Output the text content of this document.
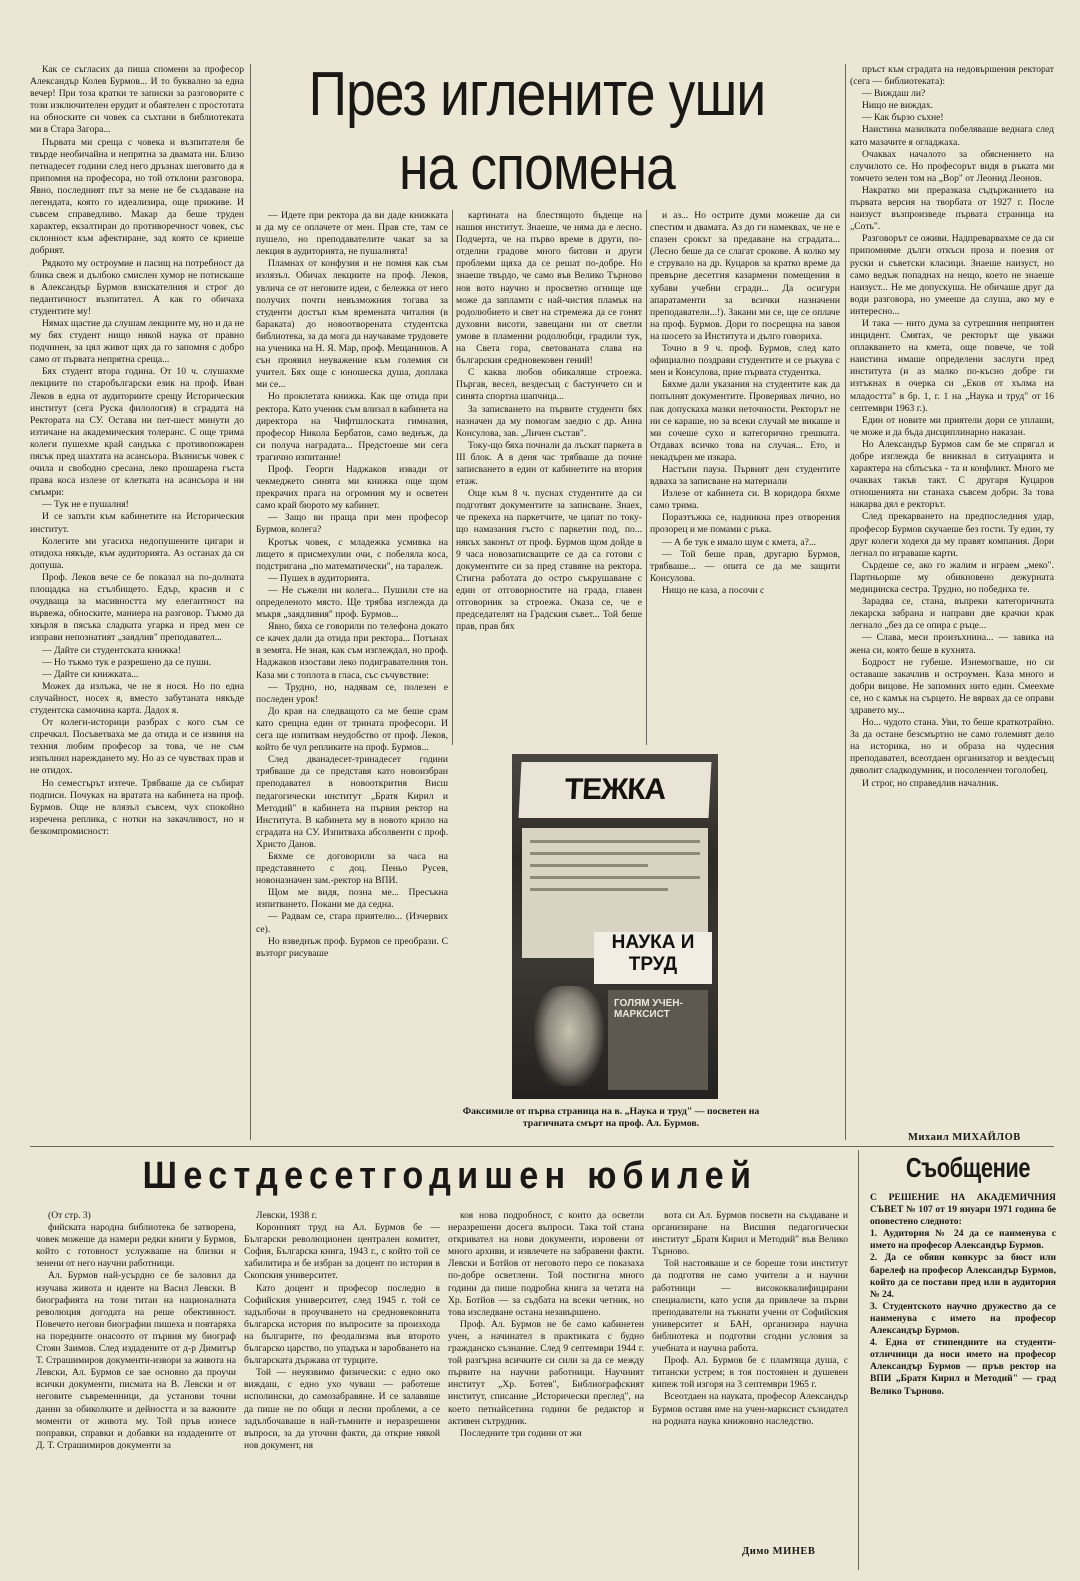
Как се съгласих да пиша спомени за професор Александър Колев Бурмов... И то буквално за една вечер! При тоза кратки те записки за разговорите с този изключителен ерудит и обаятелен с простотата на обноските си човек са съхтани в библиотеката ми в Стара Загора...

Първата ми среща с човека и възпитателя бе твърде необичайна и непрятна за двамата ни. Близо петнадесет години след него дръзнах шеговито да я припомня на професора, но той отклони разговора. Явно, последният път за мене не бе създаване на легендата, която го идеализира, още приживе. И съвсем справедливо. Макар да беше труден характер, екзалтиран до противоречност човек, със склонност към афектиране, зад която се криеше добрият.

Рядкото му остроумие и пасищ на потребност да блика свеж и дълбоко смислен хумор не потискаше в Александър Бурмов взискателния и строг до педантичност възпитател. А как го обичаха студентите му!

Нямах щастие да слушам лекциите му, но и да не му бях студент нищо някой наука от правно подчинен, за цял живот щях да го запомня с добро само от първата непрятна среща...

Бях студент втора година. От 10 ч. слушахме лекциите по старобългарски език на проф. Иван Леков в една от аудиториите срещу Историческия институт (сега Руска филология) в сградата на Ректората на СУ. Остава ни пет-шест минути до изтичане на академическия толеранс. С още трима колеги пушехме край сандъка с противопожарен пясък пред шахтата на асансьора. Възнисък човек с очила и свободно сресана, леко прошарена гъста права коса излезе от клетката на асансьора и ни смъмри:

— Тук не е пушалня!

И се запъти към кабинетите на Историческия институт.

Колегите ми угасиха недопушените цигари и отидоха някъде, към аудиторията. Аз останах да си допуша.

Проф. Леков вече се бе показал на по-долната площадка на стълбището. Едър, красив и с очудваща за масивността му елегантност на вървежа, обноските, маниера на разговор. Тъкмо да хвърля в пясъка сладката угарка и пред мен се изправи непознатият „заядлив" преподавател...

— Дайте си студентската книжка!

— Но тъкмо тук е разрешено да се пуши.

— Дайте си книжката...

Можех да излъжа, че не я нося. Но по една случайност, носех я, вместо забутаната някъде студентска самочина карта. Дадох я.

От колеги-историци разбрах с кого съм се спречкал. Посъветваха ме да отида и се извиня на техния любим професор за това, че не съм изпълнил нареждането му. Но аз се чувствах прав и не отидох.

Но семестърът изтече. Трябваше да се събират подписи. Почуках на вратата на кабинета на проф. Бурмов. Още не влязъл съвсем, чух спокойно изречена реплика, с нотки на закачливост, но и безкомпромисност:

През иглените уши
на спомена

— Идете при ректора да ви даде книжката и да му се оплачете от мен. Прав сте, там се пушело, но преподавателите чакат за за лекция в аудиторията, не пушалнята!

Пламнах от конфузия и не помня как съм излязъл. Обичах лекциите на проф. Леков, увлича се от неговите идеи, с бележка от него получих почти невъзможния тогава за студенти достъп към времената читалня (в бараката) до новоотворената студентска библиотека, за да мога да научаваме трудовете на ученика на Н. Я. Мар, проф. Мещанинов. А сън проявил неуважение към големия си учител. Бях още с юношеска душа, доплака ми се...

Но проклетата книжка. Как ще отида при ректора. Като ученик съм влизал в кабинета на директора на Чифтшлоската гимназия, професор Никола Бербатов, само веднъж, да си получа наградата... Предстоеше ми сега трагично изпитание!

Проф. Георги Наджаков извади от чекмеджето синята ми книжка още щом прекрачих прага на огромния му и осветен само край бюрото му кабинет.

— Защо ви праща при мен професор Бурмов, колега?

Кротък човек, с младежка усмивка на лицето я присмехулии очи, с побеляла коса, подстригана „по математически", на таралеж.

— Пушех в аудиторията.

— Не съжели ни колега... Пушили сте на определеното място. Ще трябва изглежда да мъкря „заядливия" проф. Бурмов...

Явно, бяха се говорили по телефона докато се качех дали да отида при ректора... Потънах в земята. Не зная, как съм изглеждал, но проф. Наджаков изостави леко подигравателния тон. Каза ми с топлота в гласа, със съчувствие:

— Трудно, но, надявам се, полезен е последен урок!

До края на следващото са ме беше срам като срещна един от трината професори. И сега ще изпитвам неудобство от проф. Леков, който бе чул репликите на проф. Бурмов...

След дванадесет-тринадесет години трябваше да се представя като новоизбран преподавател в новооткрития Висш педагогически институт „Братя Кирил и Методий" в кабинета на първия ректор на Института. В кабинета му в новото крило на сградата на СУ. Изпитваха абсолвенти с проф. Христо Данов.

Бяхме се договорили за часа на представянето с доц. Пеньо Русев, новоназначен зам.-ректор на ВПИ.

Щом ме видя, позна ме... Пресъкна изпитването. Покани ме да седна.

— Радвам се, стара приятелю... (Изчервих се).

Но взведнъж проф. Бурмов се преобрази. С възторг рисуваше

картината на блестящото бъдеще на нашия институт. Знаеше, че няма да е лесно. Подчерта, че на първо време в други, по-отделни градове много битови и други проблеми щяха да се решат по-добре. Но знаеше твърдо, че само във Велико Търново нов вото научно и просветно огнище ще може да запламти с най-чистия пламък на родолюбието и свет на стремежа да се гонят духовни висоти, завещани ни от светли умове в пламенни родолюбци, градили тук, на Света гора, светованата слава на българския средновековен гений!

С каква любов обикаляше строежа. Пъргав, весел, вездесъщ с бастунчето си и синята спортна шапчица...

За записването на първите студенти бях назначен да му помогам заедно с др. Анна Консулова, зав. „Личен състав".

Току-що бяха почнали да лъскат паркета в III блок. А в деня час трябваше да почне записването в един от кабинетите на втория етаж.

Още към 8 ч. пуснах студентите да си подготвят документите за записване. Знаех, че прекеха на паркетчите, че цапат по току-що намазания гъсто с паркетин под, по... някъх законът от проф. Бурмов щом дойде в 9 часа новозаписващите се да са готови с документите си за пред ставяне на ректора. Стигна работата до остро съкрушаване с един от отговорностите на града, главен отговорник за строежа. Оказа се, че е председателят на Градския съвет... Той беше прав, прав бях

и аз... Но острите думи можеше да си спестим и двамата. Аз до ги намеквах, че не е спазен срокът за предаване на сградата... (Лесно беше да се слагат срокове. А колко му е струвало на др. Куцаров за кратко време да превърне десетгия казармени помещения в хубави учебни сгради... Да осигури апаратаменти за всички назначени преподаватели...!). Закани ми се, ще се оплаче на проф. Бурмов. Дори го посрещна на завоя на шосето за Института и дълго говориха.

Точно в 9 ч. проф. Бурмов, след като официално поздрави студентите и се ръкува с мен и Консулова, прие първата студентка.

Бяхме дали указания на студентите как да попълнят документите. Проверявах лично, но пак допускаха мазки неточности. Ректорът не ни се караше, но за всеки случай ме викаше и ми сочеше сухо и категорично грешката. Отдавах всичко това на случая... Ето, и некадърен ме изкара.

Настъпи пауза. Първият ден студентите вдваха за записване на материали

Излезе от кабинета си. В коридора бяхме само трима.

Поразтъжка се, надникна през отворения прозорец и ме помами с ръка.

— А бе тук е имало шум с кмета, а?...

— Той беше прав, другарю Бурмов, трябваше... — опита се да ме защити Консулова.

Нищо не каза, а посочи с

пръст към сградата на недовършения ректорат (сега — библиотеката):

— Виждаш ли?

Нищо не виждах.

— Как бързо съхне!

Наистина мазилката побеляваше веднага след като мазачите я огладжаха.

Очаквах началото за обяснението на случилото се. Но професорът видя в ръката ми томчето зелен том на „Вор" от Леонид Леонов.

Накратко ми преразказа съдържанието на първата версия на творбата от 1927 г. После наизуст възпроизведе първата страница на „Соть".

Разговорът се оживи. Надпреварвахме се да си припомняме дълги откъси проза и поезия от руски и съветски класици. Знаеше наизуст, но само ведъж попаднах на нещо, което не знаеше наизуст... Не ме допускуша. Не обичаше друг да води разговора, но умееше да слуша, ако му е интересно...

И така — нито дума за сутрешния неприятен инцидент. Смятах, че ректорът ще уважи оплакването на кмета, още повече, че той наистина имаше определени заслуги пред института (и аз малко по-късно добре ги изтъкнах в очерка си „Еков от хълма на младостта" в бр. 1, г. 1 на „Наука и труд" от 16 септември 1963 г.).

Един от новите ми приятели дори се уплаши, че може и да бъда дисциплинарно наказан.

Но Александър Бурмов сам бе ме спрягал и добре изглежда бе вникнал в ситуацията и характера на сблъсъка - та и конфликт. Много ме очаквах такъв такт. С другаря Куцаров отношенията ни станаха съвсем добри. За това накарва дял е ректорът.

След прекарването на предпоследния удар, професор Бурмов скучаеше без гости. Ту един, ту друг колеги ходехя да му правят компания. Дори легнал по играваше карти.

Сърдеше се, ако го жалим и играем „меко". Партньорше му обикновено дежурната медицинска сестра. Трудно, но победиха те.

Зарадва се, стана, въпреки категоричната лекарска забрана и направи две крачки крак легнало „без да се опира с ръце...

— Слава, меси произъхнина... — завика на жена си, която беше в кухнята.

Бодрост не губеше. Изнемогваше, но си оставаше закачлив и остроумен. Каза много и добри вицове. Не запомних нито един. Смеехме се, но с камък на сърцето. Не вярвах да се оправи здравето му...

Но... чудото стана. Уви, то беше краткотрайно. За да остане безсмъртно не само големият дело на историка, но и образа на чудесния преподавател, всеотдаен организатор и вездесъщ дяволит сладкодумник, и посоленчен тоголобец.

И строг, но справедлив началник.

ТЕЖКА
НАУКА И ТРУД
ГОЛЯМ УЧЕН-МАРКСИСТ
Факсимиле от първа страница на в. „Наука и труд" — посветен на трагичната смърт на проф. Ал. Бурмов.
Михаил МИХАЙЛОВ
Шестдесетгодишен юбилей

(От стр. 3)

фийската народна библиотека бе затворена, човек можеше да намери редки книги у Бурмов, който с готовност услужваше на близки и зенени от него научни работници.

Ал. Бурмов най-усърдно се бе заловил да изучава живота и идеите на Васил Левски. В биографията на този титан на националната революция догодата на реше обективност. Повечето негови биографии пишеха и повтаряха на поредните онасоото от първия му биограф Стоян Заимов. След издадените от д-р Димитър Т. Страшимиров документи-извори за живота на Левски, Ал. Бурмов се зае основно да проучи всички документи, писмата на В. Левски и от неговите съвременници, да установи точни данни за обиколките и дейността и за важните моменти от живота му. Той пръв изнесе поправки, справки и добавки на издадените от Д. Т. Страшимиров документи за

Левски, 1938 г.

Коронният труд на Ал. Бурмов бе — Български революционен централен комитет, София, Българска книга, 1943 г., с който той се хабилитира и бе избран за доцент по история в Скопския университет.

Като доцент и професор последно в Софийския университет, след 1945 г. той се задълбочи в проучването на средновековната българска история по въпросите за произхода на българите, по феодализма във второто българско царство, по упадъка и заробването на българската държава от турците.

Той — неуязвимо физически: с едно око виждаш, с едно ухо чуваш — работеше исполински, до самозабравяне. И се залавяше да пише не по общи и лесни проблеми, а се задълбочаваше в най-тъмните и неразрешени въпроси, за да уточни факти, да открие някой нов документ, ня

коя нова подробност, с които да осветли неразрешени досега въпроси. Така той стана откривател на нови документи, изровени от много архиви, и извлечете на забравени факти. Левски и Ботйов от неговото перо се показаха по-добре осветлени. Той постигна много години да пише подробна книга за четата на Хр. Ботйов — за съдбата на всеки четник, но това изследване остана незавършено.

Проф. Ал. Бурмов не бе само кабинетен учен, а начинател в практиката с будно гражданско съзнание. След 9 септември 1944 г. той разгърна всичките си сили за да се между първите на научни работници. Научният институт „Хр. Ботев", Библиографският институт, списание „Исторически преглед", на което петнайсетина години бе редактор и активен сътрудник.

Последните три години от жи

вота си Ал. Бурмов посвети на създаване и организиране на Висшия педагогически институт „Братя Кирил и Методий" във Велико Търново.

Той настояваше и се бореше този институт да подготвя не само учители а и научни работници — висококвалифицирани специалисти, като успя да привлече за първи преподаватели на тъкнати учени от Софийския университет и БАН, организира научна библиотека и подготви сгодни условия за учебната и научна работа.

Проф. Ал. Бурмов бе с пламтяща душа, с титански устрем; в тоя постоянен и душевен кипеж той изгоря на 3 септември 1965 г.

Всеотдаен на науката, професор Александър Бурмов оставя име на учен-марксист съзидател на родната наука книжовно наследство.

Димо МИНЕВ
Съобщение

С РЕШЕНИЕ НА АКАДЕМИЧНИЯ СЪВЕТ № 107 от 19 януари 1971 година бе оповестено следното:

1. Аудитория № 24 да се наименува с името на професор Александър Бурмов.

2. Да се обяви конкурс за бюст или барелеф на професор Александър Бурмов, който да се постави пред или в аудитория № 24.

3. Студентското научно дружество да се наименува с името на професор Александър Бурмов.

4. Една от стипендиите на студенти-отличници да носи името на професор Александър Бурмов — пръв ректор на ВПИ „Братя Кирил и Методий" — град Велико Търново.
